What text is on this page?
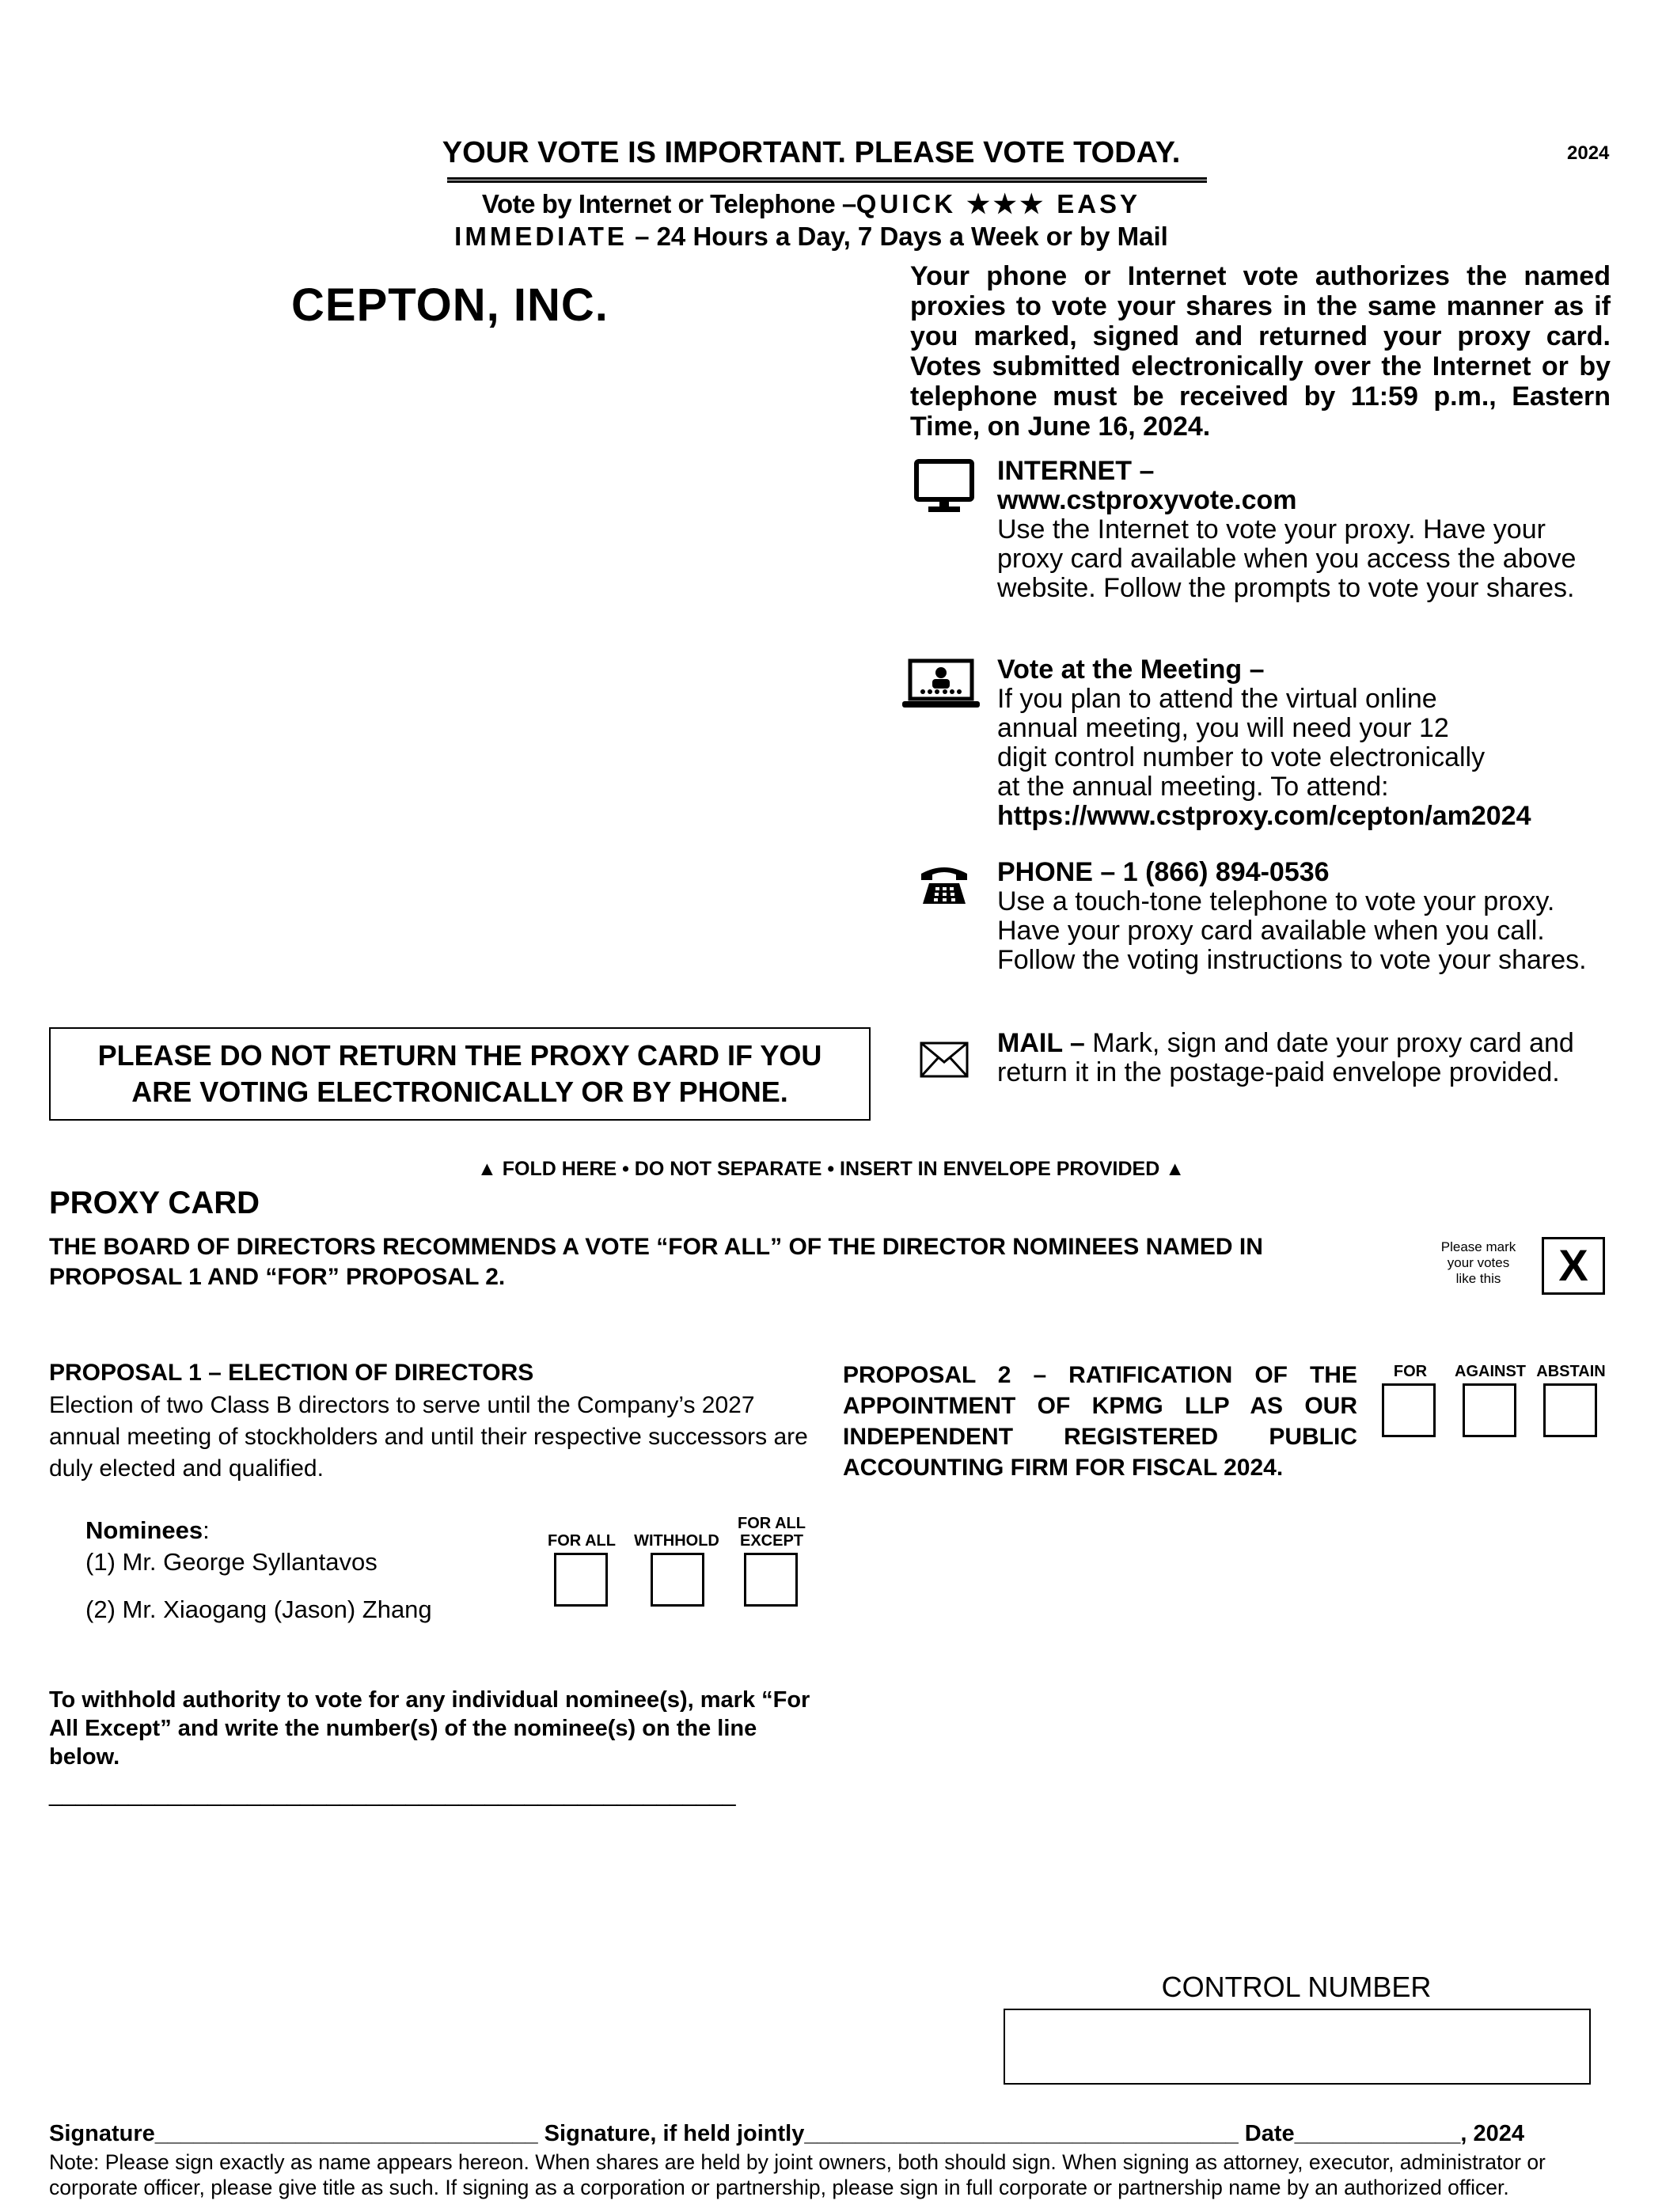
2024
YOUR VOTE IS IMPORTANT. PLEASE VOTE TODAY.
Vote by Internet or Telephone –QUICK ★★★ EASY
IMMEDIATE – 24 Hours a Day, 7 Days a Week or by Mail
CEPTON, INC.
Your phone or Internet vote authorizes the named proxies to vote your shares in the same manner as if you marked, signed and returned your proxy card. Votes submitted electronically over the Internet or by telephone must be received by 11:59 p.m., Eastern Time, on June 16, 2024.
INTERNET –
www.cstproxyvote.com
Use the Internet to vote your proxy. Have your proxy card available when you access the above website. Follow the prompts to vote your shares.
Vote at the Meeting –
If you plan to attend the virtual online annual meeting, you will need your 12 digit control number to vote electronically at the annual meeting. To attend:
https://www.cstproxy.com/cepton/am2024
PHONE – 1 (866) 894-0536
Use a touch-tone telephone to vote your proxy. Have your proxy card available when you call. Follow the voting instructions to vote your shares.
MAIL – Mark, sign and date your proxy card and return it in the postage-paid envelope provided.
PLEASE DO NOT RETURN THE PROXY CARD IF YOU ARE VOTING ELECTRONICALLY OR BY PHONE.
▲ FOLD HERE • DO NOT SEPARATE • INSERT IN ENVELOPE PROVIDED ▲
PROXY CARD
THE BOARD OF DIRECTORS RECOMMENDS A VOTE “FOR ALL” OF THE DIRECTOR NOMINEES NAMED IN PROPOSAL 1 AND “FOR” PROPOSAL 2.
Please mark your votes like this	X
PROPOSAL 1 – ELECTION OF DIRECTORS
Election of two Class B directors to serve until the Company’s 2027 annual meeting of stockholders and until their respective successors are duly elected and qualified.
Nominees:
(1) Mr. George Syllantavos
(2) Mr. Xiaogang (Jason) Zhang
FOR ALL	WITHHOLD
FOR ALL EXCEPT
To withhold authority to vote for any individual nominee(s), mark “For All Except” and write the number(s) of the nominee(s) on the line below.
____________________________________________________
PROPOSAL 2 – RATIFICATION OF THE APPOINTMENT OF KPMG LLP AS OUR INDEPENDENT REGISTERED PUBLIC ACCOUNTING FIRM FOR FISCAL 2024.
FOR	AGAINST ABSTAIN
CONTROL NUMBER
Signature______________________________ Signature, if held jointly__________________________________ Date_____________, 2024
Note: Please sign exactly as name appears hereon. When shares are held by joint owners, both should sign. When signing as attorney, executor, administrator or corporate officer, please give title as such. If signing as a corporation or partnership, please sign in full corporate or partnership name by an authorized officer.
